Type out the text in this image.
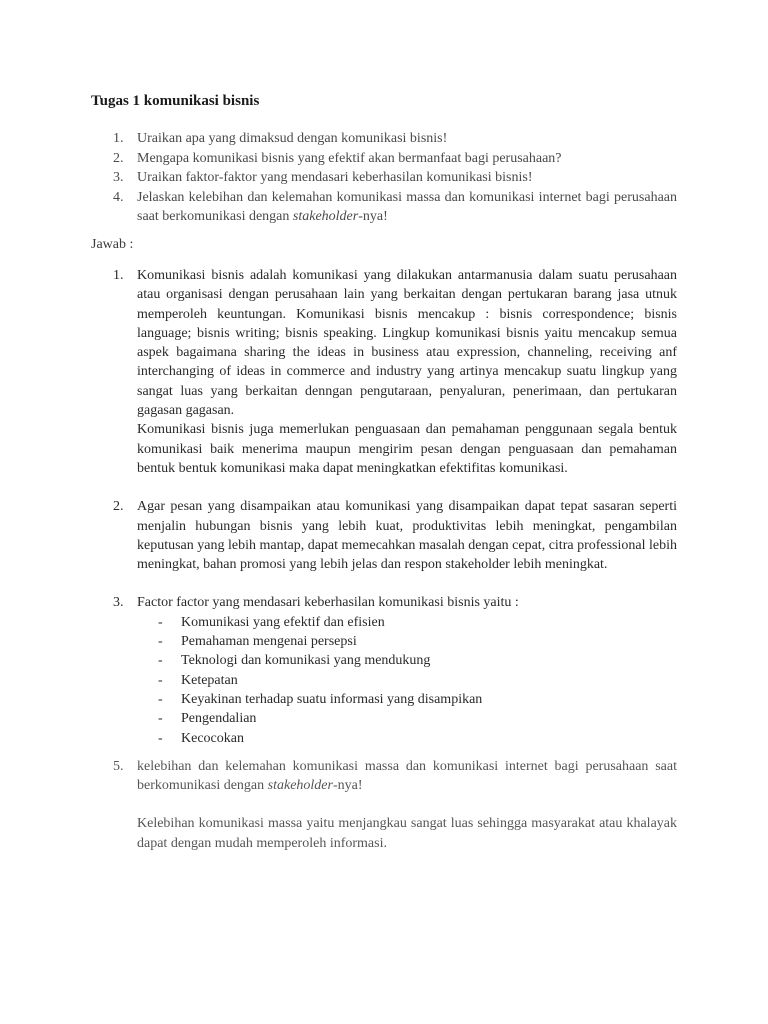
Tugas 1 komunikasi bisnis
1. Uraikan apa yang dimaksud dengan komunikasi bisnis!
2. Mengapa komunikasi bisnis yang efektif akan bermanfaat bagi perusahaan?
3. Uraikan faktor-faktor yang mendasari keberhasilan komunikasi bisnis!
4. Jelaskan kelebihan dan kelemahan komunikasi massa dan komunikasi internet bagi perusahaan saat berkomunikasi dengan stakeholder-nya!
Jawab :
1. Komunikasi bisnis adalah komunikasi yang dilakukan antarmanusia dalam suatu perusahaan atau organisasi dengan perusahaan lain yang berkaitan dengan pertukaran barang jasa utnuk memperoleh keuntungan. Komunikasi bisnis mencakup : bisnis correspondence; bisnis language; bisnis writing; bisnis speaking. Lingkup komunikasi bisnis yaitu mencakup semua aspek bagaimana sharing the ideas in business atau expression, channeling, receiving anf interchanging of ideas in commerce and industry yang artinya mencakup suatu lingkup yang sangat luas yang berkaitan denngan pengutaraan, penyaluran, penerimaan, dan pertukaran gagasan gagasan.

Komunikasi bisnis juga memerlukan penguasaan dan pemahaman penggunaan segala bentuk komunikasi baik menerima maupun mengirim pesan dengan penguasaan dan pemahaman bentuk bentuk komunikasi maka dapat meningkatkan efektifitas komunikasi.

2. Agar pesan yang disampaikan atau komunikasi yang disampaikan dapat tepat sasaran seperti menjalin hubungan bisnis yang lebih kuat, produktivitas lebih meningkat, pengambilan keputusan yang lebih mantap, dapat memecahkan masalah dengan cepat, citra professional lebih meningkat, bahan promosi yang lebih jelas dan respon stakeholder lebih meningkat.

3. Factor factor yang mendasari keberhasilan komunikasi bisnis yaitu :

- Komunikasi yang efektif dan efisien
- Pemahaman mengenai persepsi
- Teknologi dan komunikasi yang mendukung
- Ketepatan
- Keyakinan terhadap suatu informasi yang disampikan
- Pengendalian
- Kecocokan
5. kelebihan dan kelemahan komunikasi massa dan komunikasi internet bagi perusahaan saat berkomunikasi dengan stakeholder-nya!

Kelebihan komunikasi massa yaitu menjangkau sangat luas sehingga masyarakat atau khalayak dapat dengan mudah memperoleh informasi.
